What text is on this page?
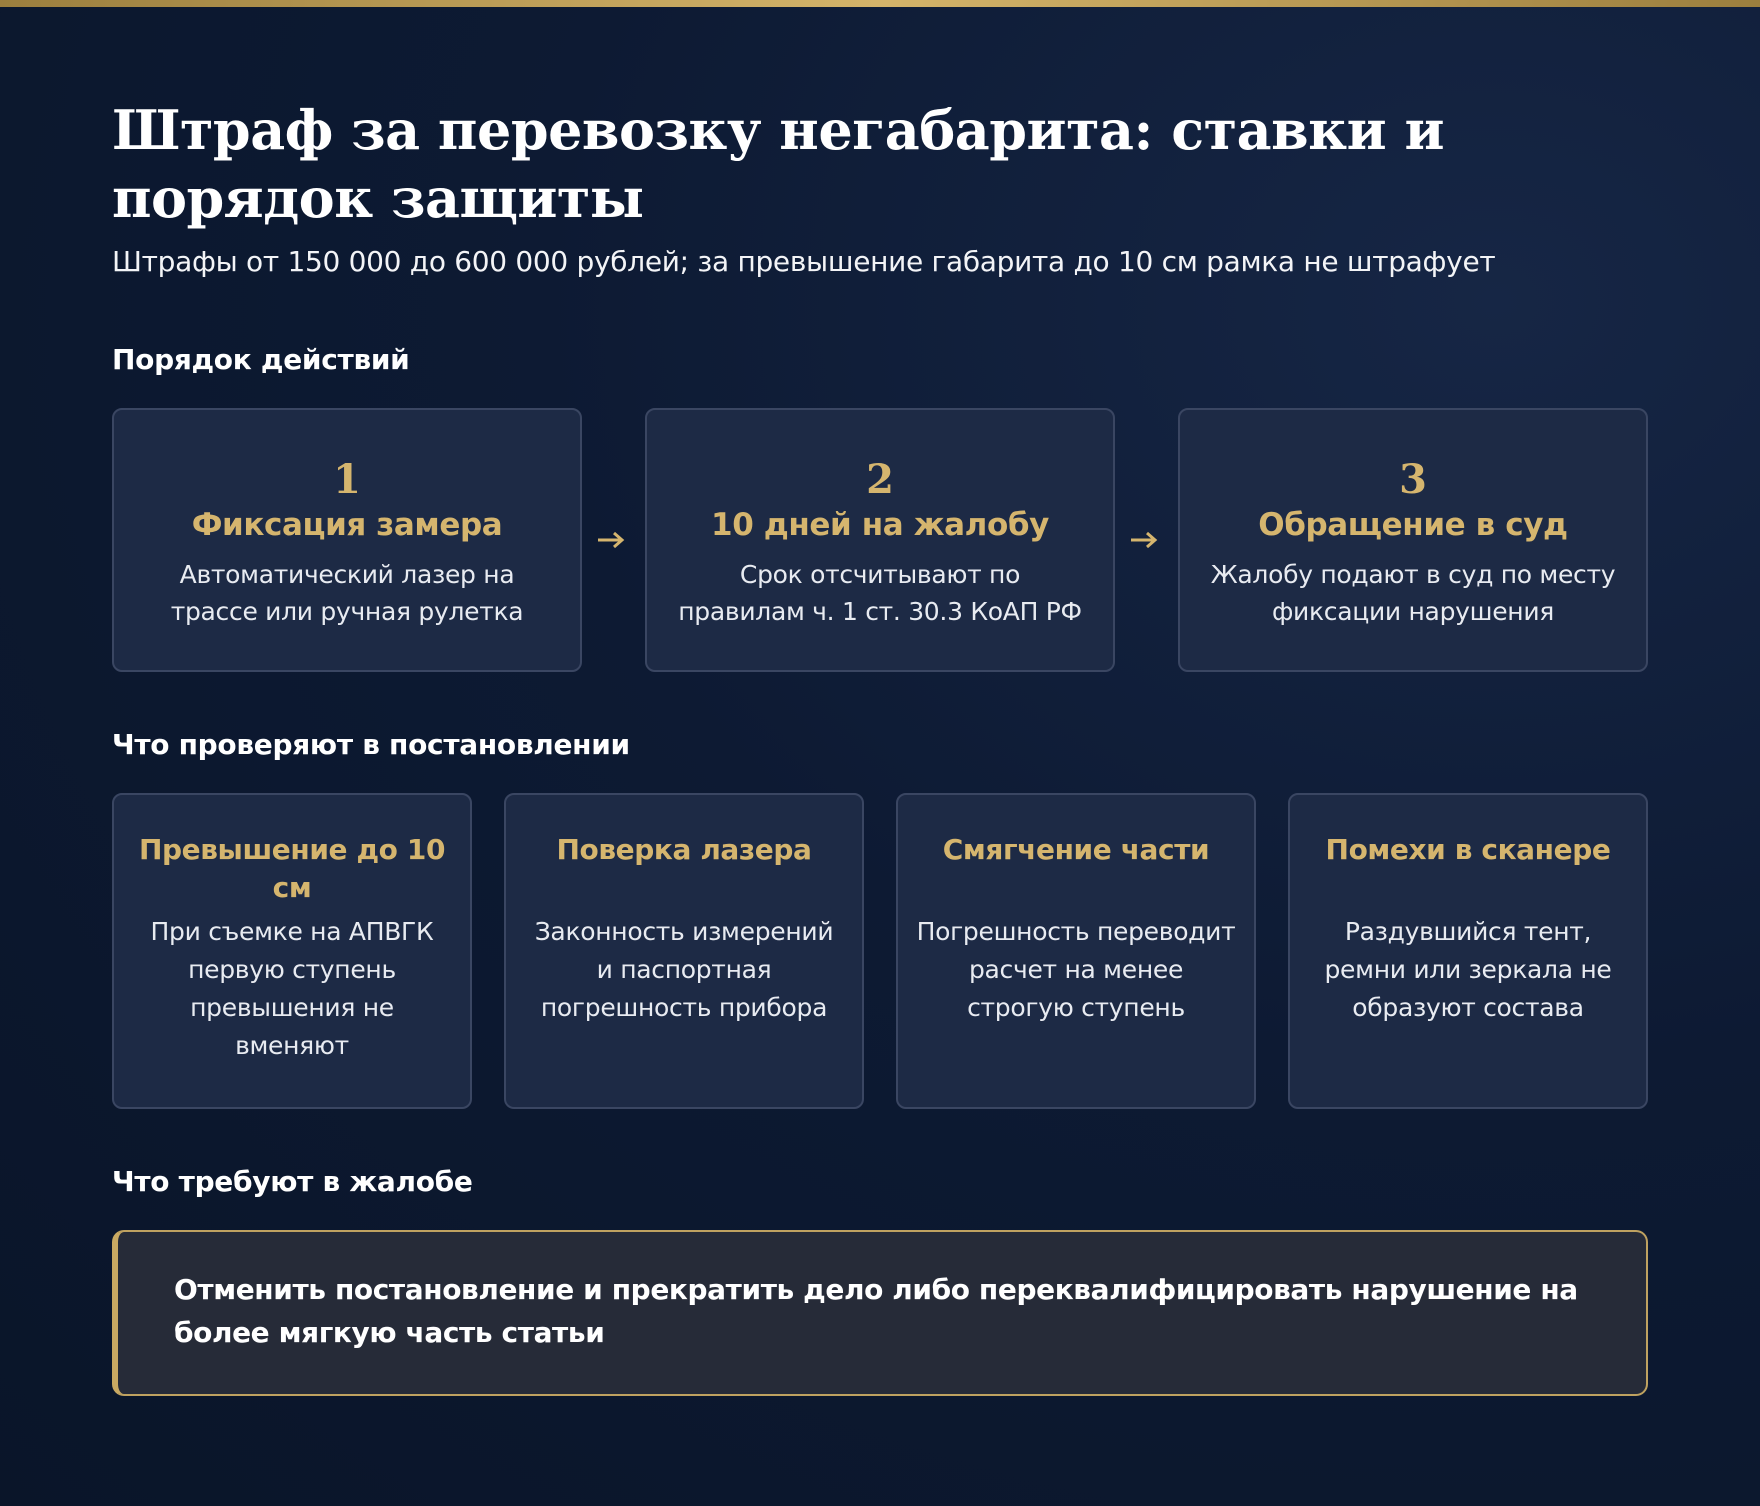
Штраф за перевозку негабарита: ставки и порядок защиты

Штрафы от 150 000 до 600 000 рублей; за превышение габарита до 10 см рамка не штрафует

Порядок действий
1
Фиксация замера
Автоматический лазер на трассе или ручная рулетка
2
10 дней на жалобу
Срок отсчитывают по правилам ч. 1 ст. 30.3 КоАП РФ
3
Обращение в суд
Жалобу подают в суд по месту фиксации нарушения
Что проверяют в постановлении
Превышение до 10 см
При съемке на АПВГК первую ступень превышения не вменяют
Поверка лазера
Законность измерений и паспортная погрешность прибора
Смягчение части
Погрешность переводит расчет на менее строгую ступень
Помехи в сканере
Раздувшийся тент, ремни или зеркала не образуют состава
Что требуют в жалобе
Отменить постановление и прекратить дело либо переквалифицировать нарушение на более мягкую часть статьи
